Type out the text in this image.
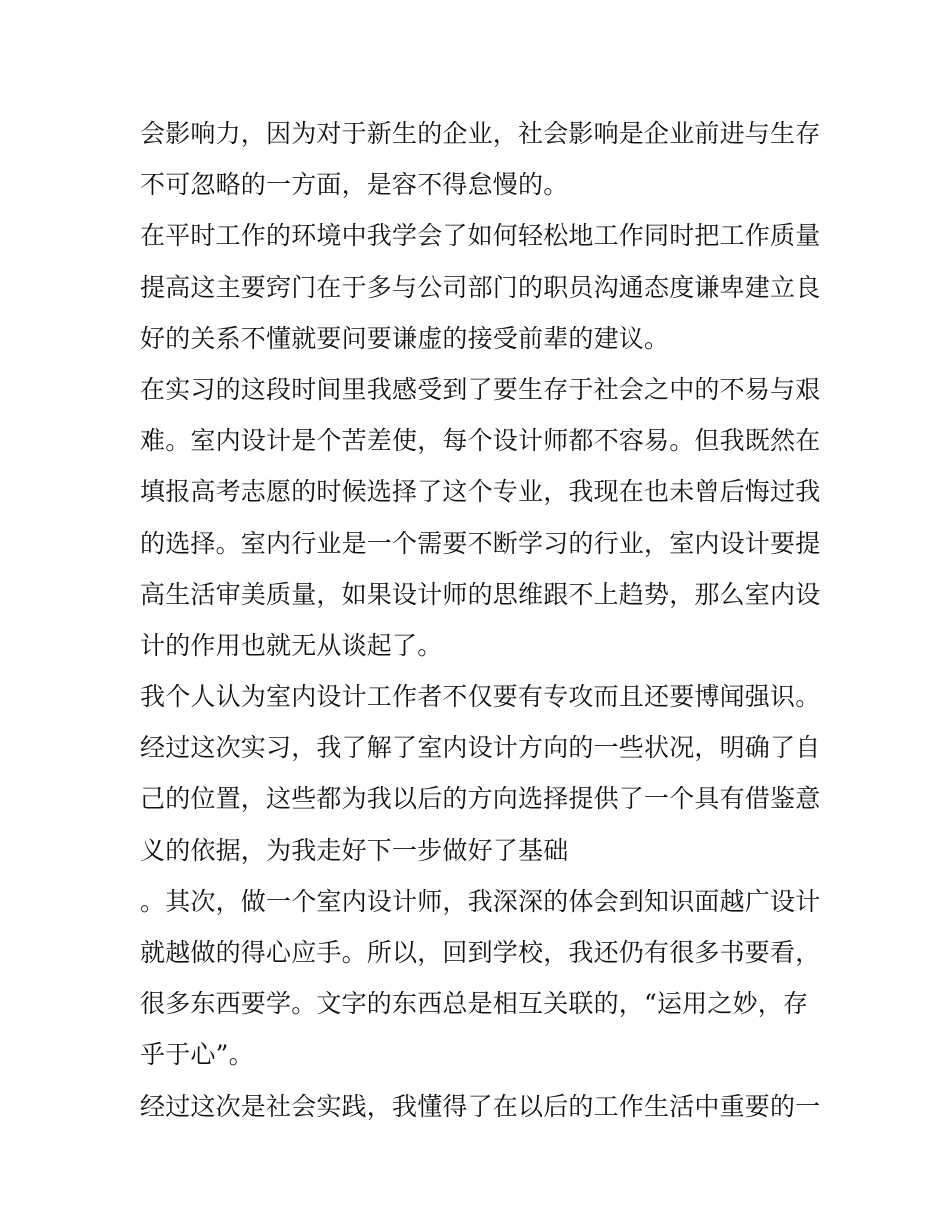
会影响力，因为对于新生的企业，社会影响是企业前进与生存
不可忽略的一方面，是容不得怠慢的。
在平时工作的环境中我学会了如何轻松地工作同时把工作质量
提高这主要窍门在于多与公司部门的职员沟通态度谦卑建立良
好的关系不懂就要问要谦虚的接受前辈的建议。
在实习的这段时间里我感受到了要生存于社会之中的不易与艰
难。室内设计是个苦差使，每个设计师都不容易。但我既然在
填报高考志愿的时候选择了这个专业，我现在也未曾后悔过我
的选择。室内行业是一个需要不断学习的行业，室内设计要提
高生活审美质量，如果设计师的思维跟不上趋势，那么室内设
计的作用也就无从谈起了。
我个人认为室内设计工作者不仅要有专攻而且还要博闻强识。
经过这次实习，我了解了室内设计方向的一些状况，明确了自
己的位置，这些都为我以后的方向选择提供了一个具有借鉴意
义的依据，为我走好下一步做好了基础
。其次，做一个室内设计师，我深深的体会到知识面越广设计
就越做的得心应手。所以，回到学校，我还仍有很多书要看，
很多东西要学。文字的东西总是相互关联的，“运用之妙，存
乎于心”。
经过这次是社会实践，我懂得了在以后的工作生活中重要的一
